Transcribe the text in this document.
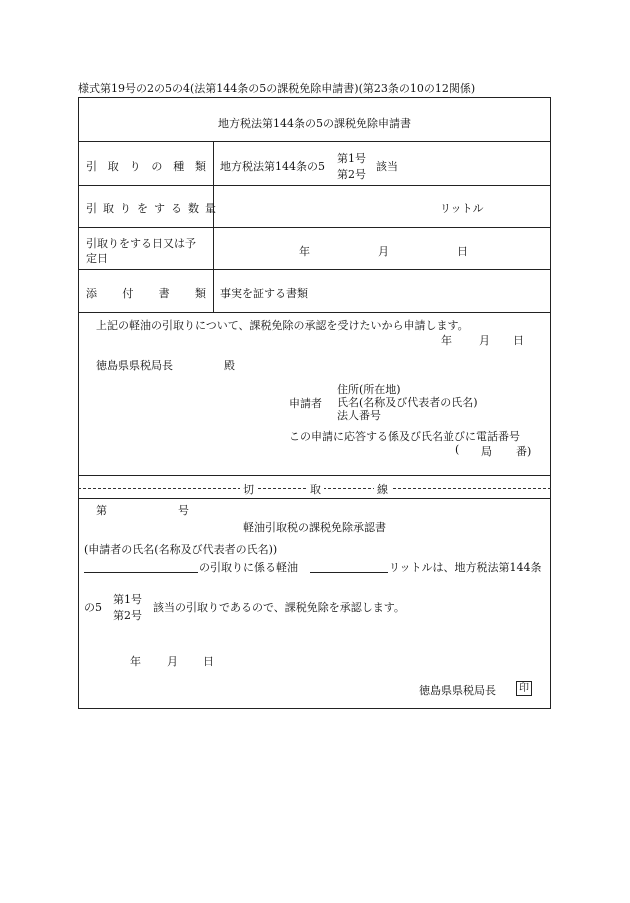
様式第19号の2の5の4(法第144条の5の課税免除申請書)(第23条の10の12関係)
地方税法第144条の5の課税免除申請書
引 取 り の 種 類 地方税法第144条の5
第1号
第2号
該当
引取りをする数量	リットル
引取りをする日又は予
定日
年	月	日
添 付 書 類 事実を証する書類
上記の軽油の引取りについて、課税免除の承認を受けたいから申請します。
年 月 日
徳島県県税局長	殿
申請者
住所(所在地)
氏名(名称及び代表者の氏名)
法人番号
この申請に応答する係及び氏名並びに電話番号
( 局 番)
切	取	線
第	号
軽油引取税の課税免除承認書
(申請者の氏名(名称及び代表者の氏名))
の引取りに係る軽油	リットルは、地方税法第144条
の5
第1号
第2号
該当の引取りであるので、課税免除を承認します。
年 月 日
徳島県県税局長	印
